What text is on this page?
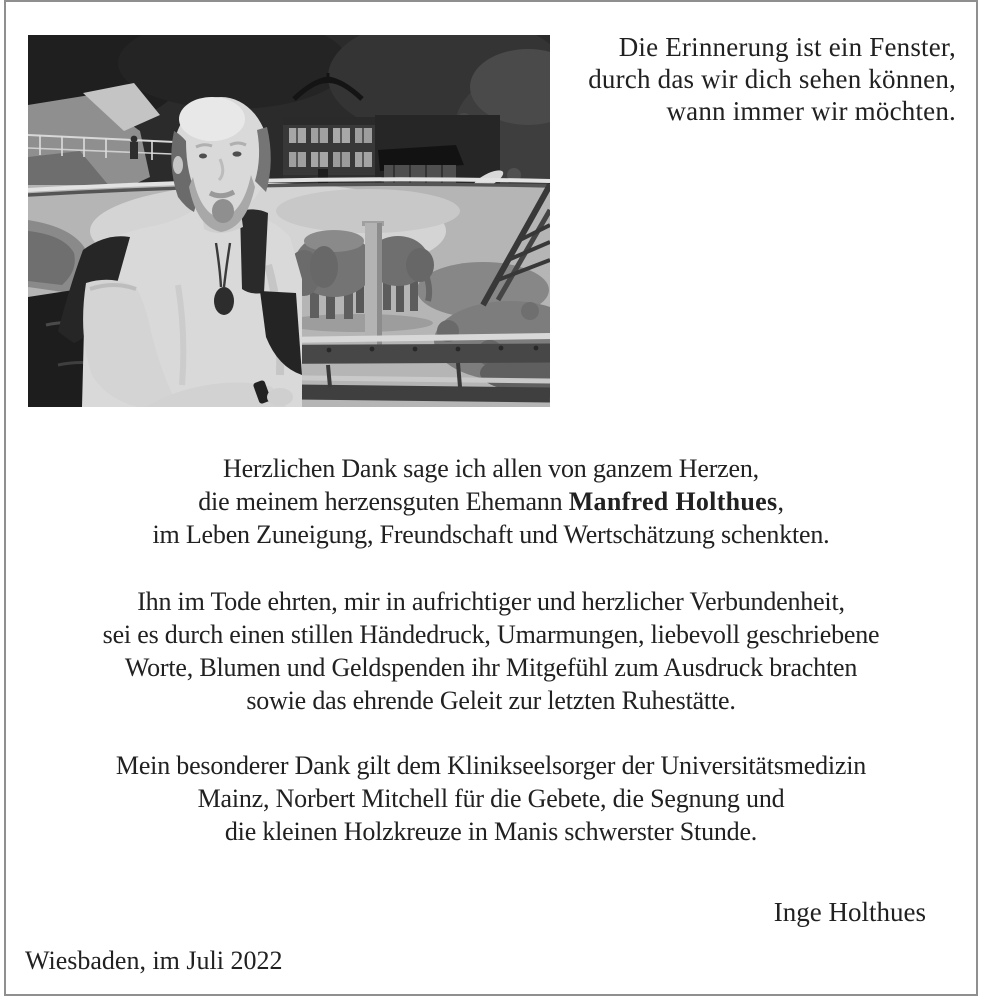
Die Erinnerung ist ein Fenster,
durch das wir dich sehen können,
wann immer wir möchten.
Herzlichen Dank sage ich allen von ganzem Herzen,
die meinem herzensguten Ehemann Manfred Holthues,
im Leben Zuneigung, Freundschaft und Wertschätzung schenkten.
Ihn im Tode ehrten, mir in aufrichtiger und herzlicher Verbundenheit,
sei es durch einen stillen Händedruck, Umarmungen, liebevoll geschriebene
Worte, Blumen und Geldspenden ihr Mitgefühl zum Ausdruck brachten
sowie das ehrende Geleit zur letzten Ruhestätte.
Mein besonderer Dank gilt dem Klinikseelsorger der Universitätsmedizin
Mainz, Norbert Mitchell für die Gebete, die Segnung und
die kleinen Holzkreuze in Manis schwerster Stunde.
Inge Holthues
Wiesbaden, im Juli 2022
